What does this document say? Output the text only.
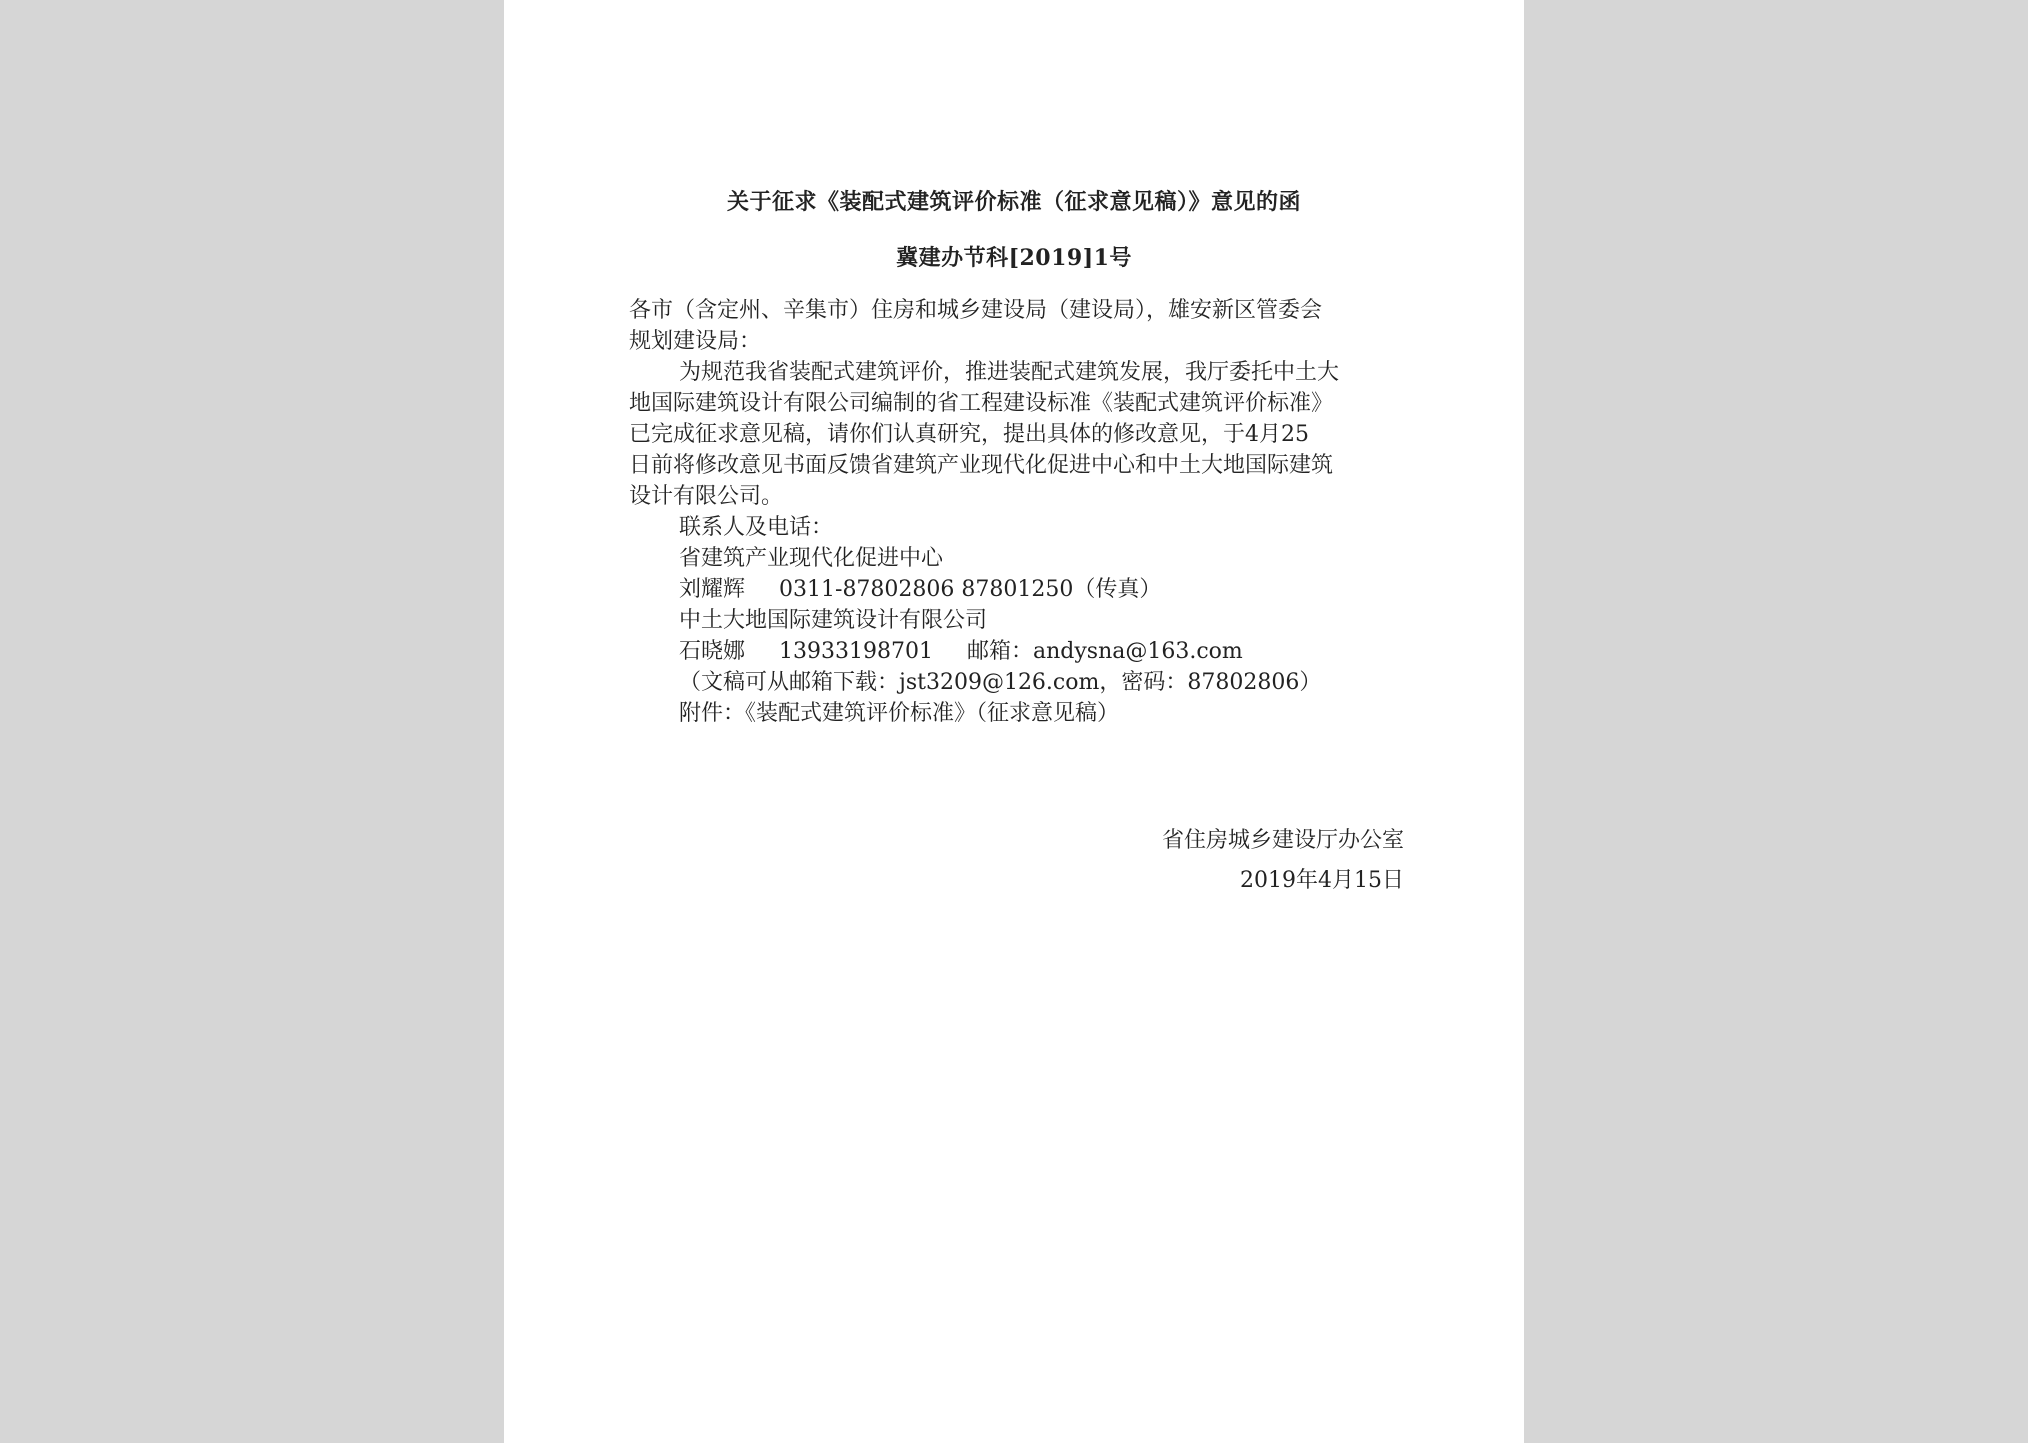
关于征求《装配式建筑评价标准（征求意见稿）》意见的函
冀建办节科[2019]1号

各市（含定州、辛集市）住房和城乡建设局（建设局），雄安新区管委会

规划建设局：

为规范我省装配式建筑评价，推进装配式建筑发展，我厅委托中土大

地国际建筑设计有限公司编制的省工程建设标准《装配式建筑评价标准》

已完成征求意见稿，请你们认真研究，提出具体的修改意见，于4月25

日前将修改意见书面反馈省建筑产业现代化促进中心和中土大地国际建筑

设计有限公司。

联系人及电话：

省建筑产业现代化促进中心

刘耀辉 0311-87802806 87801250（传真）

中土大地国际建筑设计有限公司

石晓娜 13933198701 邮箱：andysna@163.com

（文稿可从邮箱下载：jst3209@126.com，密码：87802806）

附件：《装配式建筑评价标准》（征求意见稿）

省住房城乡建设厅办公室
2019年4月15日
